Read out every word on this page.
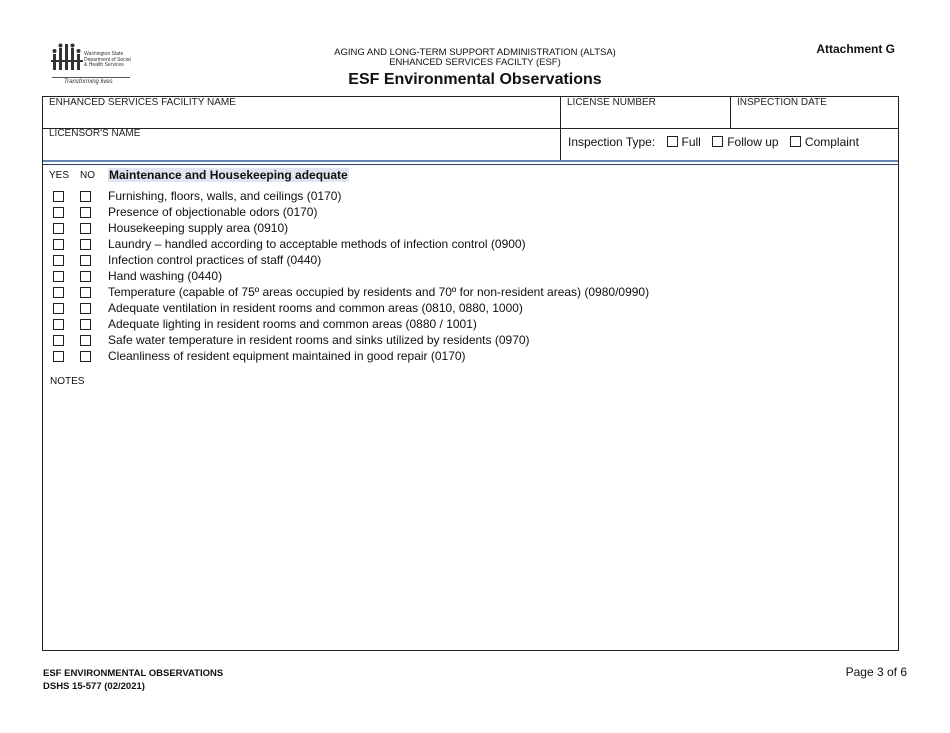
Washington State
Department of Social
& Health Services
Transforming lives
AGING AND LONG-TERM SUPPORT ADMINISTRATION (ALTSA)
ENHANCED SERVICES FACILTY (ESF)
ESF Environmental Observations
Attachment G
ENHANCED SERVICES FACILITY NAME	LICENSE NUMBER	INSPECTION DATE
LICENSOR'S NAME
Inspection Type: Full Follow up Complaint
YES NO Maintenance and Housekeeping adequate
Furnishing, floors, walls, and ceilings (0170)
Presence of objectionable odors (0170)
Housekeeping supply area (0910)
Laundry – handled according to acceptable methods of infection control (0900)
Infection control practices of staff (0440)
Hand washing (0440)
Temperature (capable of 75º areas occupied by residents and 70º for non-resident areas) (0980/0990)
Adequate ventilation in resident rooms and common areas (0810, 0880, 1000)
Adequate lighting in resident rooms and common areas (0880 / 1001)
Safe water temperature in resident rooms and sinks utilized by residents (0970)
Cleanliness of resident equipment maintained in good repair (0170)
NOTES
ESF ENVIRONMENTAL OBSERVATIONS
DSHS 15-577 (02/2021)
Page 3 of 6
